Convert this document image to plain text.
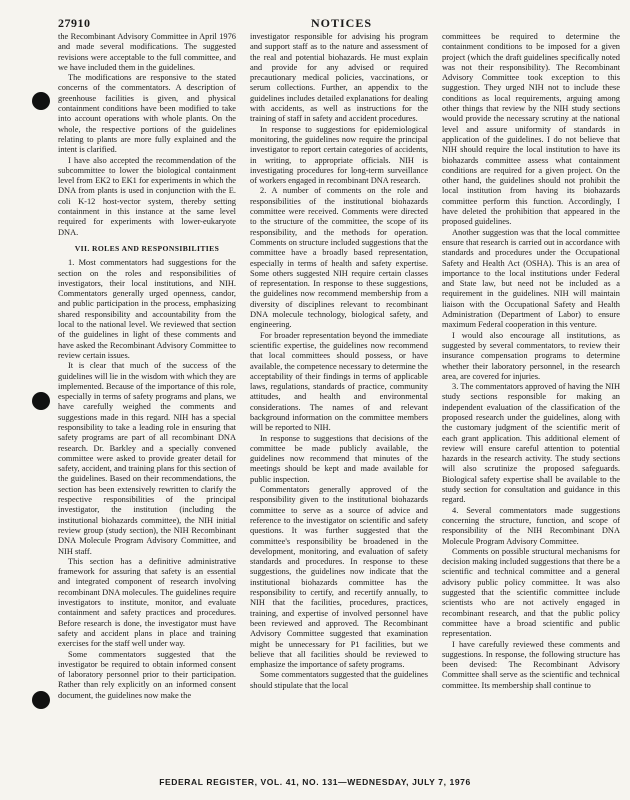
27910	NOTICES

the Recombinant Advisory Committee in April 1976 and made several modifications. The suggested revisions were acceptable to the full committee, and we have included them in the guidelines.

The modifications are responsive to the stated concerns of the commentators. A description of greenhouse facilities is given, and physical containment conditions have been modified to take into account operations with whole plants. On the whole, the respective portions of the guidelines relating to plants are more fully explained and the intent is clarified.

I have also accepted the recommendation of the subcommittee to lower the biological containment level from EK2 to EK1 for experiments in which the DNA from plants is used in conjunction with the E. coli K-12 host-vector system, thereby setting containment in this instance at the same level required for experiments with lower-eukaryote DNA.

VII. ROLES AND RESPONSIBILITIES

1. Most commentators had suggestions for the section on the roles and responsibilities of investigators, their local institutions, and NIH. Commentators generally urged openness, candor, and public participation in the process, emphasizing shared responsibility and accountability from the local to the national level. We reviewed that section of the guidelines in light of these comments and have asked the Recombinant Advisory Committee to review certain issues.

It is clear that much of the success of the guidelines will lie in the wisdom with which they are implemented. Because of the importance of this role, especially in terms of safety programs and plans, we have carefully weighed the comments and suggestions made in this regard. NIH has a special responsibility to take a leading role in ensuring that safety programs are part of all recombinant DNA research. Dr. Barkley and a specially convened committee were asked to provide greater detail for safety, accident, and training plans for this section of the guidelines. Based on their recommendations, the section has been extensively rewritten to clarify the respective responsibilities of the principal investigator, the institution (including the institutional biohazards committee), the NIH initial review group (study section), the NIH Recombinant DNA Molecule Program Advisory Committee, and NIH staff.

This section has a definitive administrative framework for assuring that safety is an essential and integrated component of research involving recombinant DNA molecules. The guidelines require investigators to institute, monitor, and evaluate containment and safety practices and procedures. Before research is done, the investigator must have safety and accident plans in place and training exercises for the staff well under way.

Some commentators suggested that the investigator be required to obtain informed consent of laboratory personnel prior to their participation. Rather than rely explicitly on an informed consent document, the guidelines now make the

investigator responsible for advising his program and support staff as to the nature and assessment of the real and potential biohazards. He must explain and provide for any advised or required precautionary medical policies, vaccinations, or serum collections. Further, an appendix to the guidelines includes detailed explanations for dealing with accidents, as well as instructions for the training of staff in safety and accident procedures.

In response to suggestions for epidemiological monitoring, the guidelines now require the principal investigator to report certain categories of accidents, in writing, to appropriate officials. NIH is investigating procedures for long-term surveillance of workers engaged in recombinant DNA research.

2. A number of comments on the role and responsibilities of the institutional biohazards committee were received. Comments were directed to the structure of the committee, the scope of its responsibility, and the methods for operation. Comments on structure included suggestions that the committee have a broadly based representation, especially in terms of health and safety expertise. Some others suggested NIH require certain classes of representation. In response to these suggestions, the guidelines now recommend membership from a diversity of disciplines relevant to recombinant DNA molecule technology, biological safety, and engineering.

For broader representation beyond the immediate scientific expertise, the guidelines now recommend that local committees should possess, or have available, the competence necessary to determine the acceptability of their findings in terms of applicable laws, regulations, standards of practice, community attitudes, and health and environmental considerations. The names of and relevant background information on the committee members will be reported to NIH.

In response to suggestions that decisions of the committee be made publicly available, the guidelines now recommend that minutes of the meetings should be kept and made available for public inspection.

Commentators generally approved of the responsibility given to the institutional biohazards committee to serve as a source of advice and reference to the investigator on scientific and safety questions. It was further suggested that the committee's responsibility be broadened in the development, monitoring, and evaluation of safety standards and procedures. In response to these suggestions, the guidelines now indicate that the institutional biohazards committee has the responsibility to certify, and recertify annually, to NIH that the facilities, procedures, practices, training, and expertise of involved personnel have been reviewed and approved. The Recombinant Advisory Committee suggested that examination might be unnecessary for P1 facilities, but we believe that all facilities should be reviewed to emphasize the importance of safety programs.

Some commentators suggested that the guidelines should stipulate that the local

committees be required to determine the containment conditions to be imposed for a given project (which the draft guidelines specifically noted was not their responsibility). The Recombinant Advisory Committee took exception to this suggestion. They urged NIH not to include these conditions as local requirements, arguing among other things that review by the NIH study sections would provide the necessary scrutiny at the national level and assure uniformity of standards in application of the guidelines. I do not believe that NIH should require the local institution to have its biohazards committee assess what containment conditions are required for a given project. On the other hand, the guidelines should not prohibit the local institution from having its biohazards committee perform this function. Accordingly, I have deleted the prohibition that appeared in the proposed guidelines.

Another suggestion was that the local committee ensure that research is carried out in accordance with standards and procedures under the Occupational Safety and Health Act (OSHA). This is an area of importance to the local institutions under Federal and State law, but need not be included as a requirement in the guidelines. NIH will maintain liaison with the Occupational Safety and Health Administration (Department of Labor) to ensure maximum Federal cooperation in this venture.

I would also encourage all institutions, as suggested by several commentators, to review their insurance compensation programs to determine whether their laboratory personnel, in the research area, are covered for injuries.

3. The commentators approved of having the NIH study sections responsible for making an independent evaluation of the classification of the proposed research under the guidelines, along with the customary judgment of the scientific merit of each grant application. This additional element of review will ensure careful attention to potential hazards in the research activity. The study sections will also scrutinize the proposed safeguards. Biological safety expertise shall be available to the study section for consultation and guidance in this regard.

4. Several commentators made suggestions concerning the structure, function, and scope of responsibility of the NIH Recombinant DNA Molecule Program Advisory Committee.

Comments on possible structural mechanisms for decision making included suggestions that there be a scientific and technical committee and a general advisory public policy committee. It was also suggested that the scientific committee include scientists who are not actively engaged in recombinant research, and that the public policy committee have a broad scientific and public representation.

I have carefully reviewed these comments and suggestions. In response, the following structure has been devised: The Recombinant Advisory Committee shall serve as the scientific and technical committee. Its membership shall continue to

FEDERAL REGISTER, VOL. 41, NO. 131—WEDNESDAY, JULY 7, 1976
